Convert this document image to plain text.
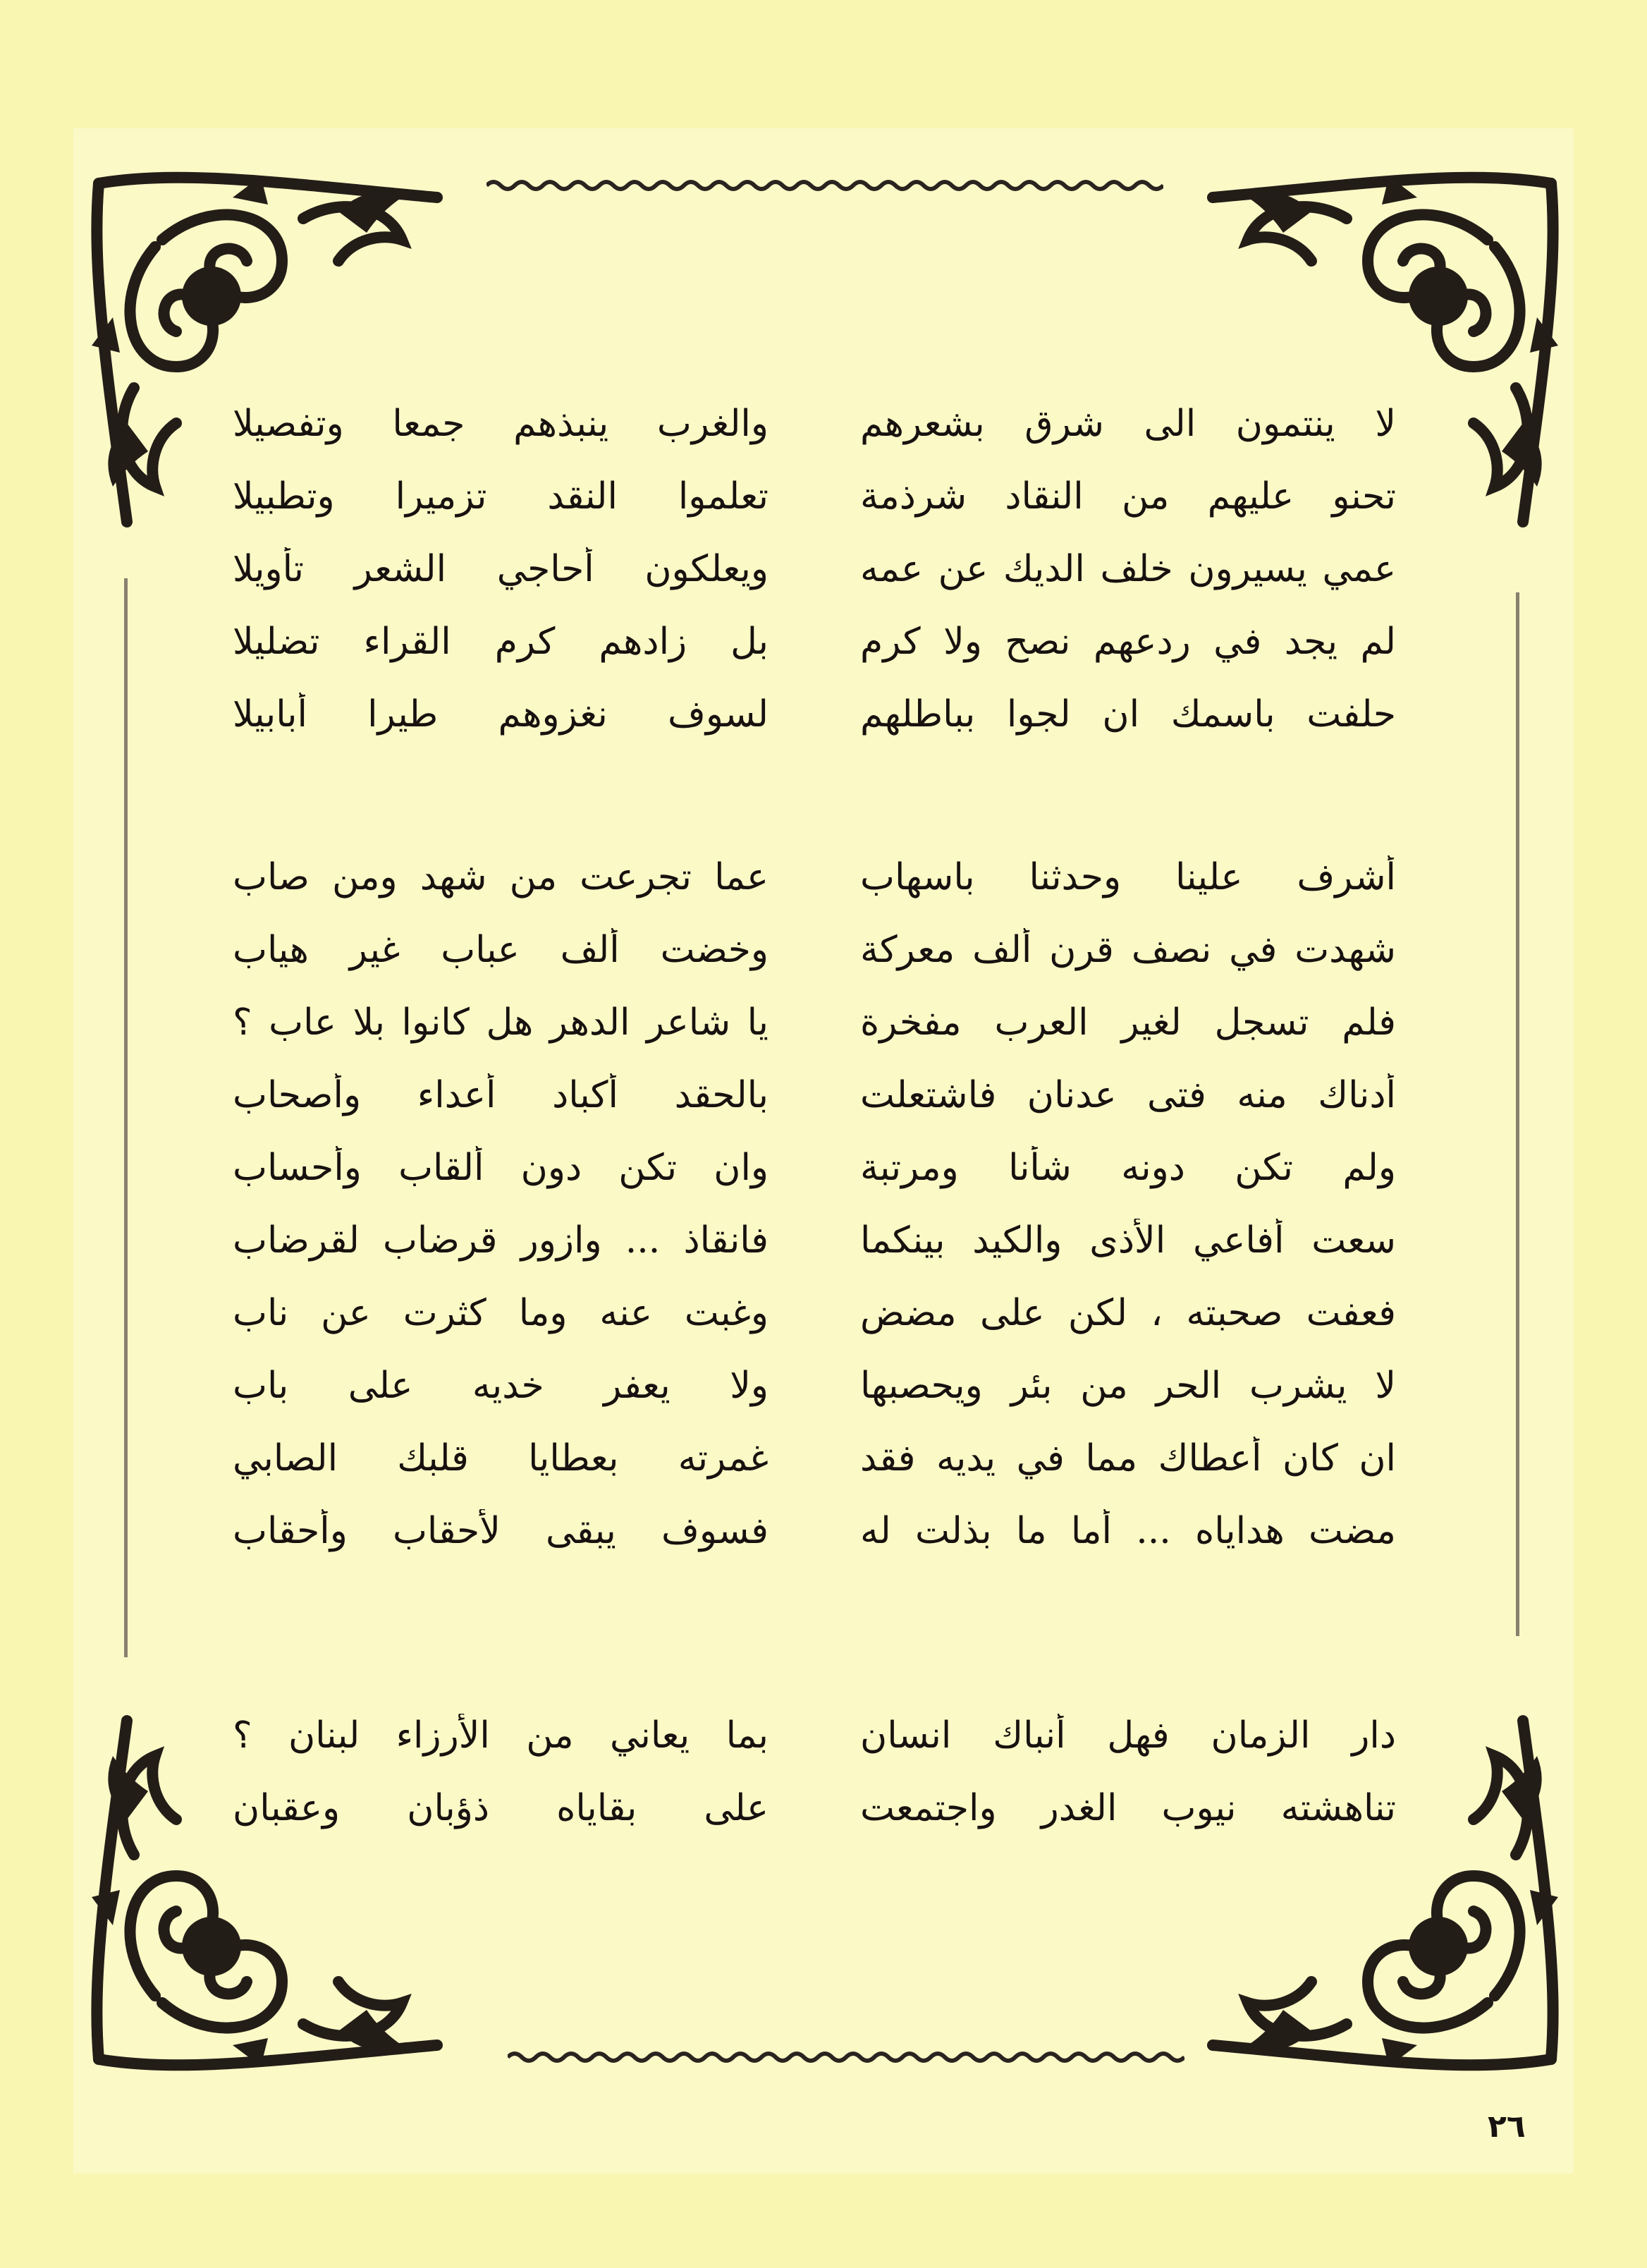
لا ينتمون الى شرق بشعرهم
والغرب ينبذهم جمعا وتفصيلا
تحنو عليهم من النقاد شرذمة
تعلموا النقد تزميرا وتطبيلا
عمي يسيرون خلف الديك عن عمه
ويعلكون أحاجي الشعر تأويلا
لم يجد في ردعهم نصح ولا كرم
بل زادهم كرم القراء تضليلا
حلفت باسمك ان لجوا بباطلهم
لسوف نغزوهم طيرا أبابيلا
أشرف علينا وحدثنا باسهاب
عما تجرعت من شهد ومن صاب
شهدت في نصف قرن ألف معركة
وخضت ألف عباب غير هياب
فلم تسجل لغير العرب مفخرة
يا شاعر الدهر هل كانوا بلا عاب ؟
أدناك منه فتى عدنان فاشتعلت
بالحقد أكباد أعداء وأصحاب
ولم تكن دونه شأنا ومرتبة
وان تكن دون ألقاب وأحساب
سعت أفاعي الأذى والكيد بينكما
فانقاذ ... وازور قرضاب لقرضاب
فعفت صحبته ، لكن على مضض
وغبت عنه وما كثرت عن ناب
لا يشرب الحر من بئر ويحصبها
ولا يعفر خديه على باب
ان كان أعطاك مما في يديه فقد
غمرته بعطايا قلبك الصابي
مضت هداياه ... أما ما بذلت له
فسوف يبقى لأحقاب وأحقاب
دار الزمان فهل أنباك انسان
بما يعاني من الأرزاء لبنان ؟
تناهشته نيوب الغدر واجتمعت
على بقاياه ذؤبان وعقبان
٢٦
